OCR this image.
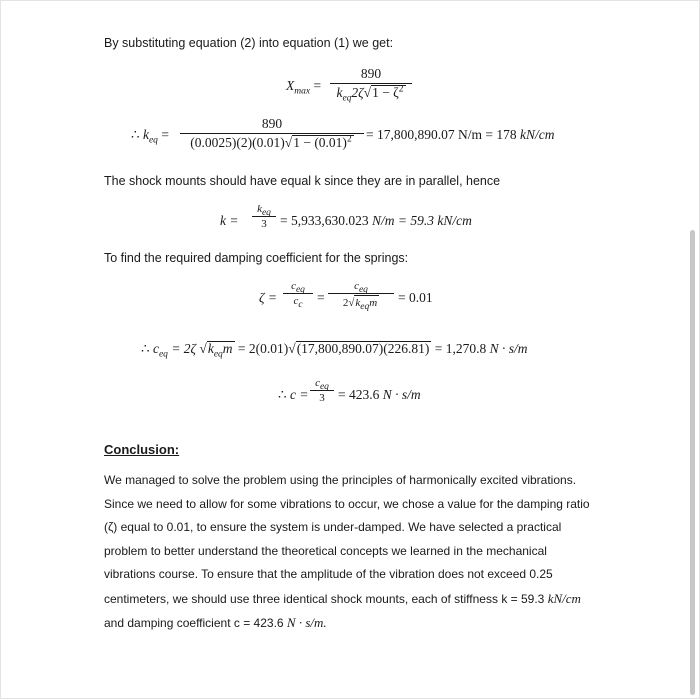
By substituting equation (2) into equation (1) we get:
$X_{max}$ =
890
$k_{eq}2\zeta√1 - \zeta^2$
∴ $k_{eq}$ =
890
$(0.0025)(2)(0.01)√1 - (0.01)^2$	= 17,800,890.07 N/m = 178 kN/cm
The shock mounts should have equal k since they are in parallel, hence
k =
$k_{eq}$
3 = 5,933,630.023 N/m = 59.3 kN/cm
To find the required damping coefficient for the springs:
ζ =
$c_{eq}$
$c_c$
=
$c_{eq}$
$2√k_{eq}m$	= 0.01
∴ $c_{eq} = 2\zeta$ $√k_{eq}m = 2(0.01)√(17,800,890.07)(226.81) = 1,270.8$ N · s/m
∴ c =
$c_{eq}$
3 = 423.6 N · s/m
Conclusion:
We managed to solve the problem using the principles of harmonically excited vibrations.
Since we need to allow for some vibrations to occur, we chose a value for the damping ratio
(ζ) equal to 0.01, to ensure the system is under-damped. We have selected a practical
problem to better understand the theoretical concepts we learned in the mechanical
vibrations course. To ensure that the amplitude of the vibration does not exceed 0.25
centimeters, we should use three identical shock mounts, each of stiffness k = 59.3 kN/cm
and damping coefficient c = 423.6 N · s/m.
